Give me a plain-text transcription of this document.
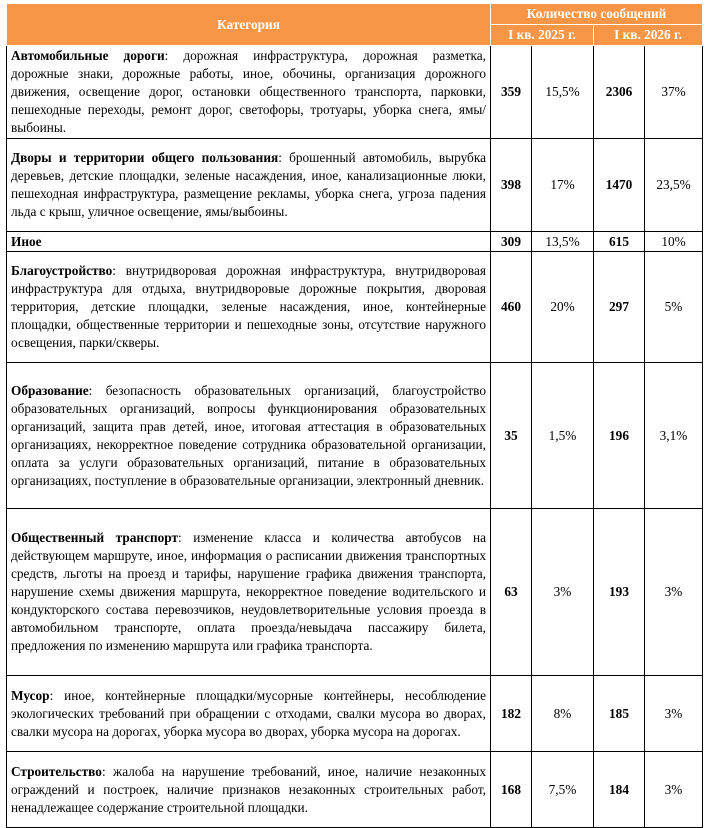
Категория	Количество сообщений			
	I кв. 2025 г.		I кв. 2026 г.	
Автомобильные дороги: дорожная инфраструктура, дорожная разметка, дорожные знаки, дорожные работы, иное, обочины, организация дорожного движения, освещение дорог, остановки общественного транспорта, парковки, пешеходные переходы, ремонт дорог, светофоры, тротуары, уборка снега, ямы/выбоины.	359	15,5%	2306	37%
Дворы и территории общего пользования: брошенный автомобиль, вырубка деревьев, детские площадки, зеленые насаждения, иное, канализационные люки, пешеходная инфраструктура, размещение рекламы, уборка снега, угроза падения льда с крыш, уличное освещение, ямы/выбоины.	398	17%	1470	23,5%
Иное	309	13,5%	615	10%
Благоустройство: внутридворовая дорожная инфраструктура, внутридворовая инфраструктура для отдыха, внутридворовые дорожные покрытия, дворовая территория, детские площадки, зеленые насаждения, иное, контейнерные площадки, общественные территории и пешеходные зоны, отсутствие наружного освещения, парки/скверы.	460	20%	297	5%
Образование: безопасность образовательных организаций, благоустройство образовательных организаций, вопросы функционирования образовательных организаций, защита прав детей, иное, итоговая аттестация в образовательных организациях, некорректное поведение сотрудника образовательной организации, оплата за услуги образовательных организаций, питание в образовательных организациях, поступление в образовательные организации, электронный дневник.	35	1,5%	196	3,1%
Общественный транспорт: изменение класса и количества автобусов на действующем маршруте, иное, информация о расписании движения транспортных средств, льготы на проезд и тарифы, нарушение графика движения транспорта, нарушение схемы движения маршрута, некорректное поведение водительского и кондукторского состава перевозчиков, неудовлетворительные условия проезда в автомобильном транспорте, оплата проезда/невыдача пассажиру билета, предложения по изменению маршрута или графика транспорта.	63	3%	193	3%
Мусор: иное, контейнерные площадки/мусорные контейнеры, несоблюдение экологических требований при обращении с отходами, свалки мусора во дворах, свалки мусора на дорогах, уборка мусора во дворах, уборка мусора на дорогах.	182	8%	185	3%
Строительство: жалоба на нарушение требований, иное, наличие незаконных ограждений и построек, наличие признаков незаконных строительных работ, ненадлежащее содержание строительной площадки.	168	7,5%	184	3%
